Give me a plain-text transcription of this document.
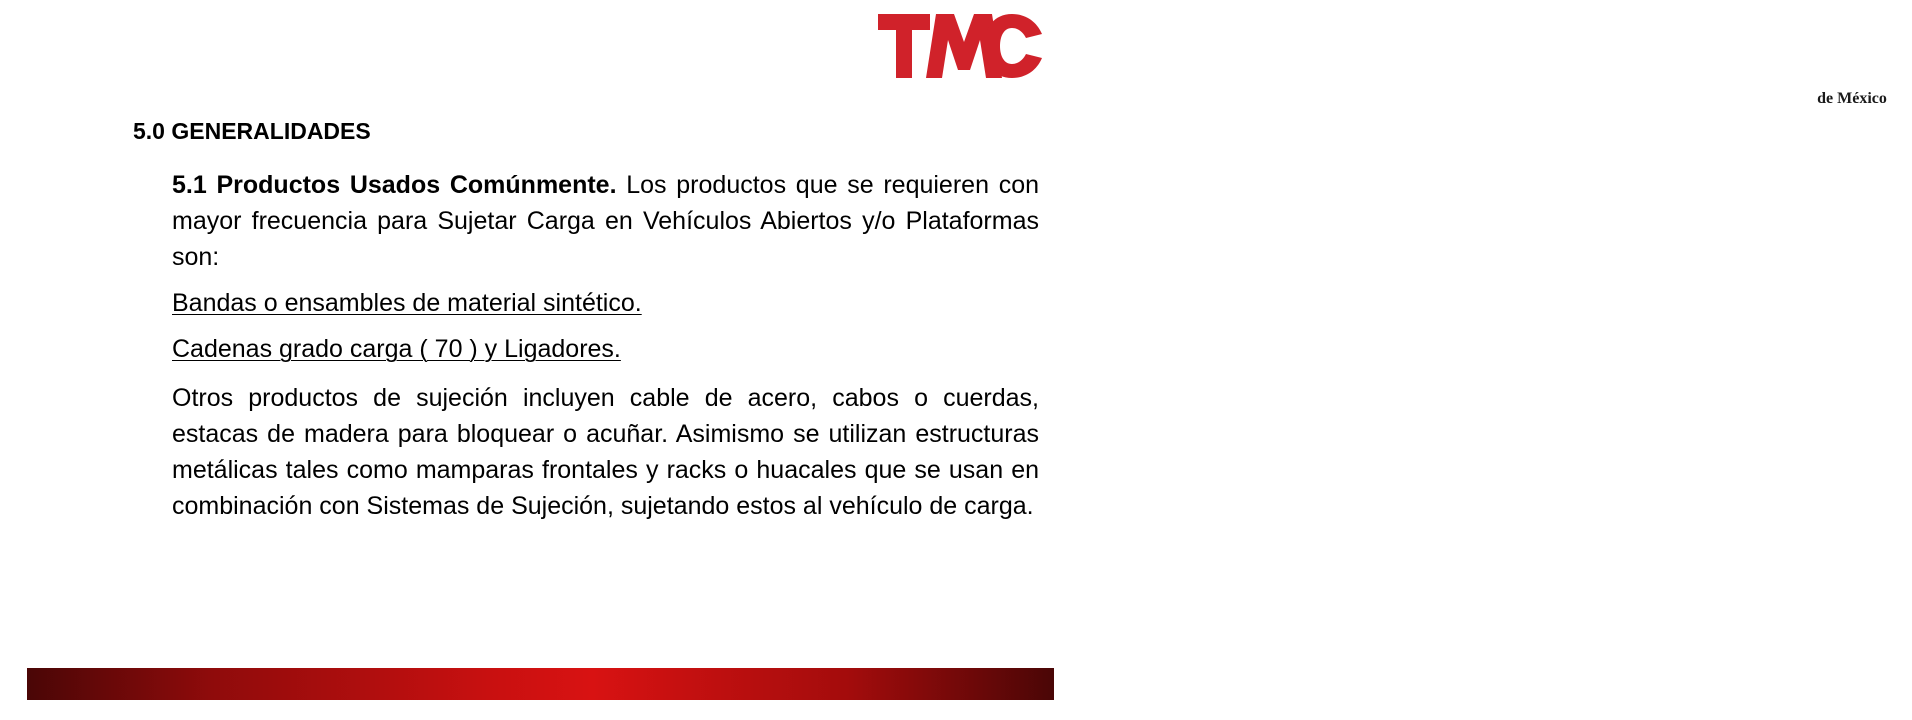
de México
5.0 GENERALIDADES

5.1 Productos Usados Comúnmente. Los productos que se requieren con mayor frecuencia para Sujetar Carga en Vehículos Abiertos y/o Plataformas son:

Bandas o ensambles de material sintético.

Cadenas grado carga ( 70 ) y Ligadores.

Otros productos de sujeción incluyen cable de acero, cabos o cuerdas, estacas de madera para bloquear o acuñar. Asimismo se utilizan estructuras metálicas tales como mamparas frontales y racks o huacales que se usan en combinación con Sistemas de Sujeción, sujetando estos al vehículo de carga.
